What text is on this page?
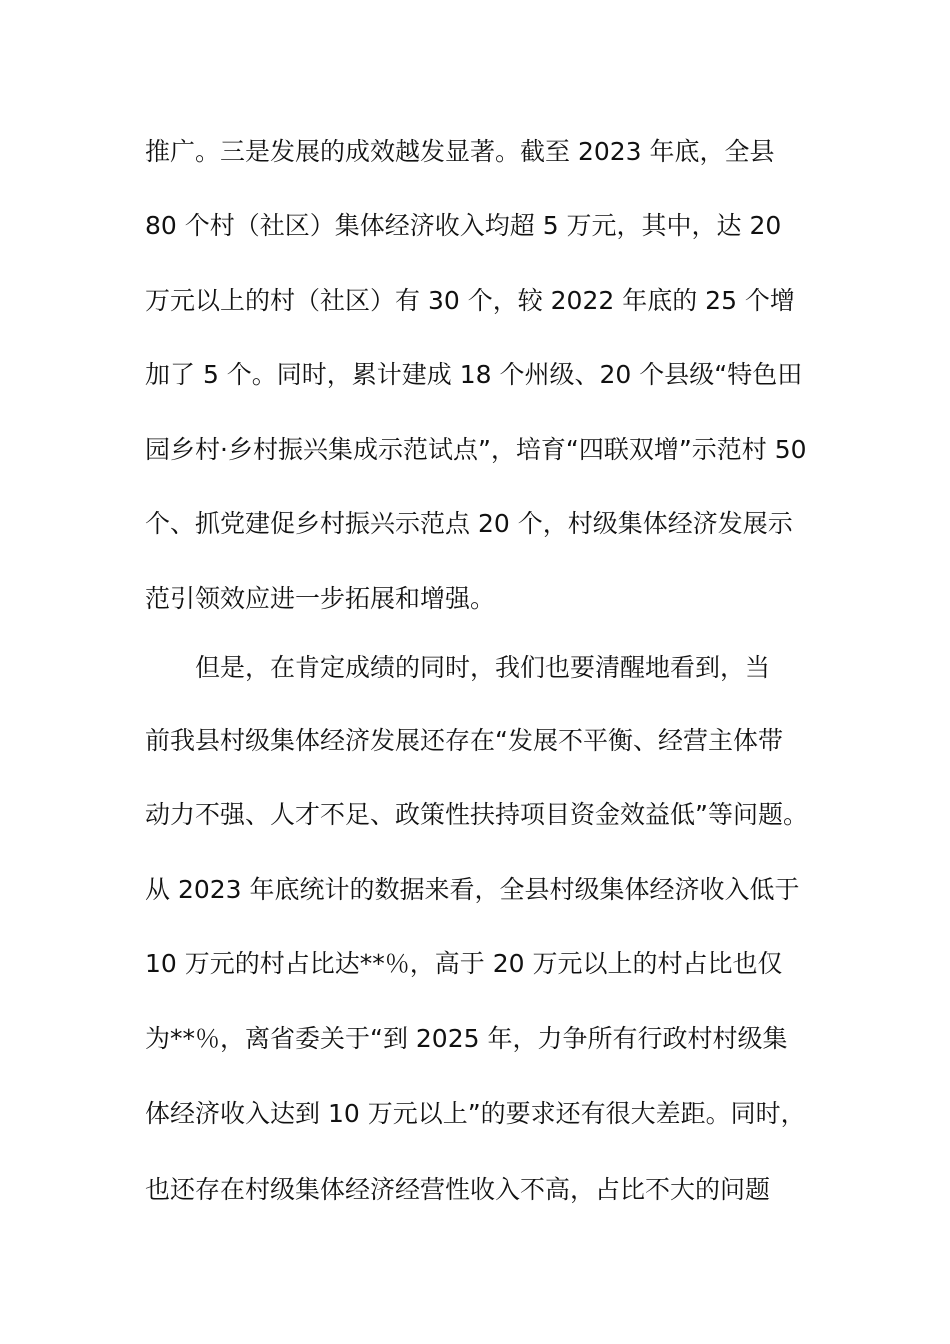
推广。三是发展的成效越发显著。截至 2023 年底，全县
80 个村（社区）集体经济收入均超 5 万元，其中，达 20
万元以上的村（社区）有 30 个，较 2022 年底的 25 个增
加了 5 个。同时，累计建成 18 个州级、20 个县级“特色田
园乡村·乡村振兴集成示范试点”，培育“四联双增”示范村 50
个、抓党建促乡村振兴示范点 20 个，村级集体经济发展示
范引领效应进一步拓展和增强。
　　但是，在肯定成绩的同时，我们也要清醒地看到，当
前我县村级集体经济发展还存在“发展不平衡、经营主体带
动力不强、人才不足、政策性扶持项目资金效益低”等问题。
从 2023 年底统计的数据来看，全县村级集体经济收入低于
10 万元的村占比达**％，高于 20 万元以上的村占比也仅
为**％，离省委关于“到 2025 年，力争所有行政村村级集
体经济收入达到 10 万元以上”的要求还有很大差距。同时，
也还存在村级集体经济经营性收入不高，占比不大的问题
